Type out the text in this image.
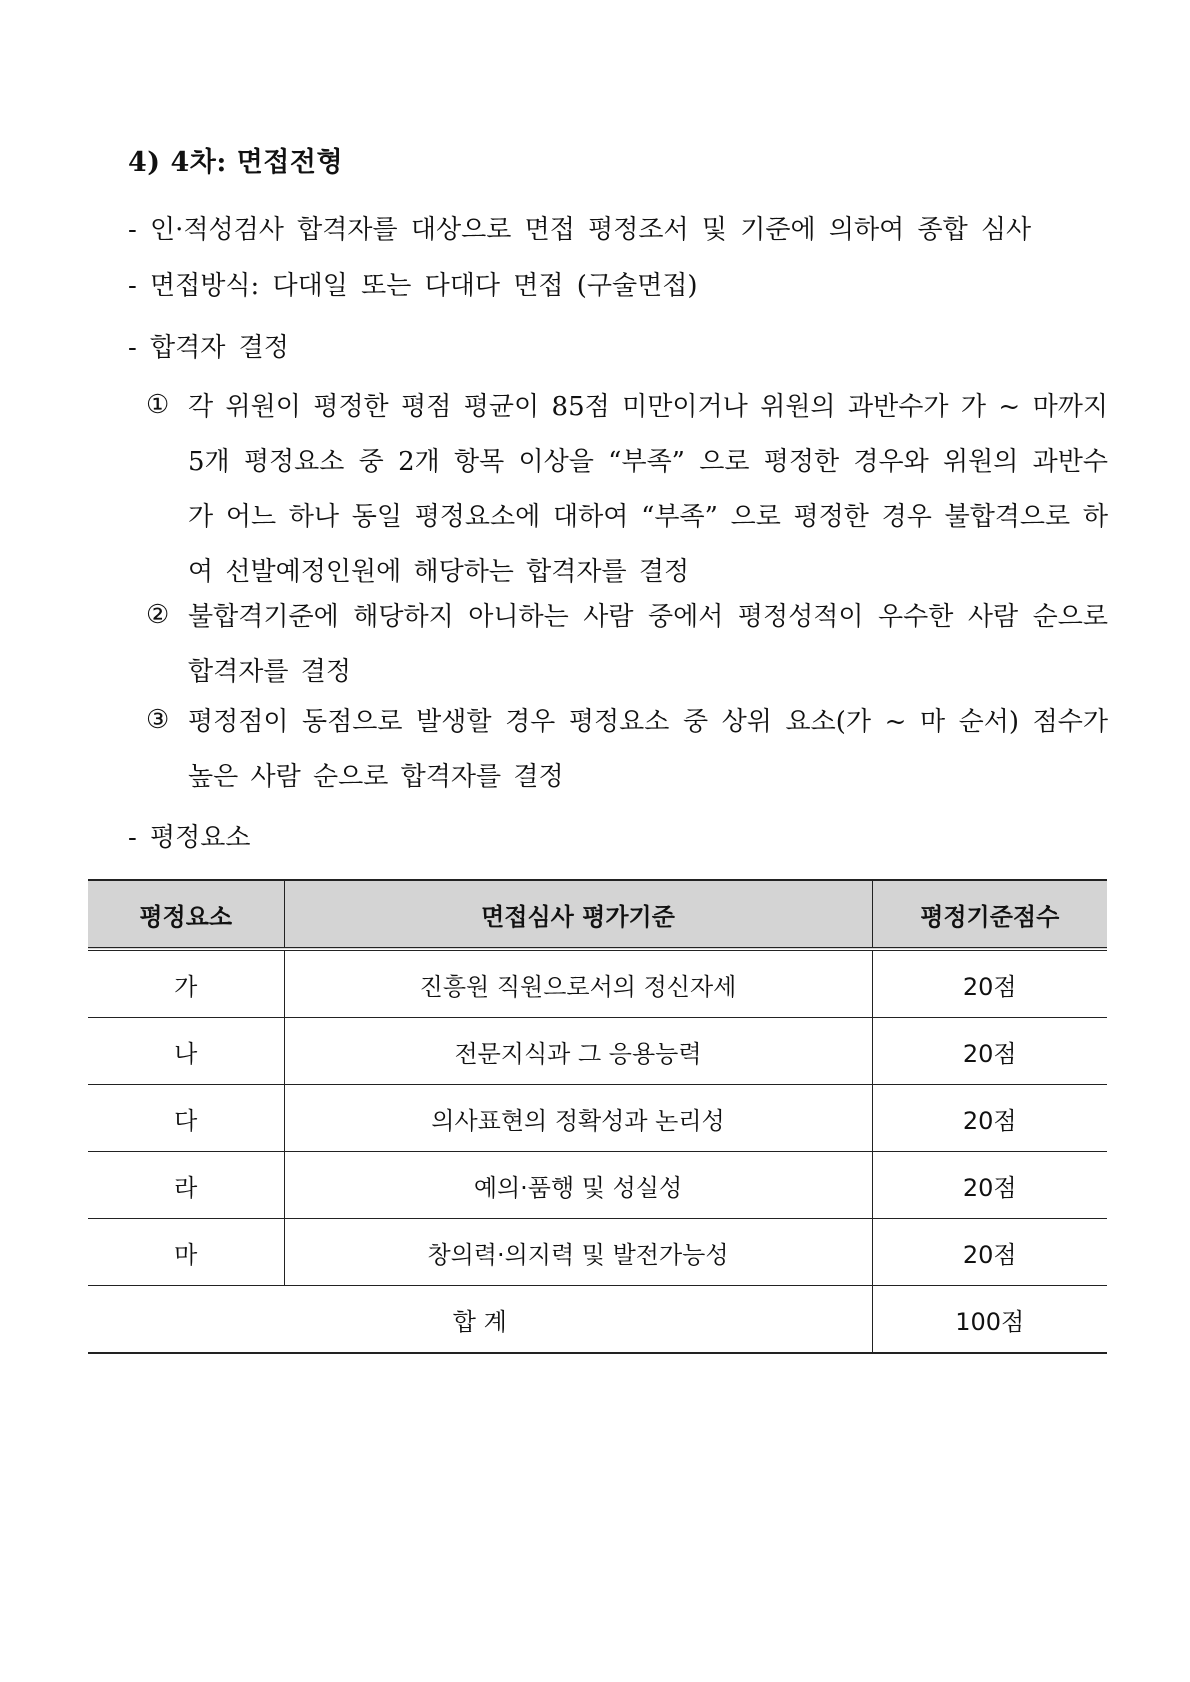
4) 4차: 면접전형
- 인·적성검사 합격자를 대상으로 면접 평정조서 및 기준에 의하여 종합 심사
- 면접방식: 다대일 또는 다대다 면접 (구술면접)
- 합격자 결정
① 각 위원이 평정한 평점 평균이 85점 미만이거나 위원의 과반수가 가 ~ 마까지 5개 평정요소 중 2개 항목 이상을 “부족” 으로 평정한 경우와 위원의 과반수가 어느 하나 동일 평정요소에 대하여 “부족” 으로 평정한 경우 불합격으로 하여 선발예정인원에 해당하는 합격자를 결정
② 불합격기준에 해당하지 아니하는 사람 중에서 평정성적이 우수한 사람 순으로 합격자를 결정
③ 평정점이 동점으로 발생할 경우 평정요소 중 상위 요소(가 ~ 마 순서) 점수가 높은 사람 순으로 합격자를 결정
- 평정요소
평정요소	면접심사 평가기준	평정기준점수
가	진흥원 직원으로서의 정신자세	20점
나	전문지식과 그 응용능력	20점
다	의사표현의 정확성과 논리성	20점
라	예의·품행 및 성실성	20점
마	창의력·의지력 및 발전가능성	20점
합 계		100점
